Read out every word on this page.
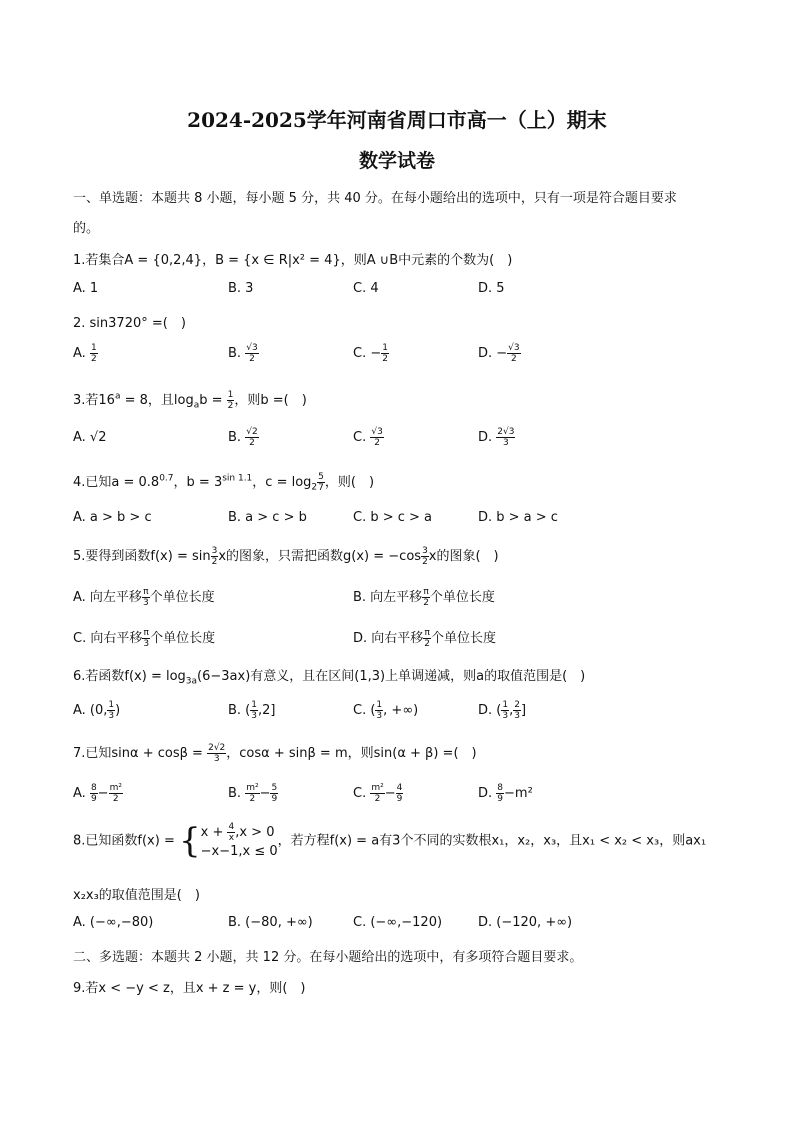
2024-2025学年河南省周口市高一（上）期末
数学试卷
一、单选题：本题共 8 小题，每小题 5 分，共 40 分。在每小题给出的选项中，只有一项是符合题目要求
的。
1.若集合A = {0,2,4}，B = {x ∈ R|x² = 4}，则A ∪B中元素的个数为(　)
A. 1	B. 3	C. 4	D. 5
2. sin3720° =(　)
A. $\frac{1}{2}$	B. $\frac{√3}{2}$	C. − $\frac{1}{2}$	D. − $\frac{√3}{2}$
3.若$16^a = 8$，且$\log_ab = \frac{1}{2}$ ，则b =(　)
A. √2	B. $\frac{√2}{2}$	C. $\frac{√3}{2}$	D. $\frac{2√3}{3}$
4.已知$a = 0.8^{0.7}$，$b = 3^{sin 1.1}$，$c = \log_2 \frac{5}{7}$ ，则(　)
A. a > b > c	B. a > c > b	C. b > c > a	D. b > a > c
5.要得到函数$f(x) = \sin \frac{3}{2}$ x的图象，只需把函数$g(x) = -\cos \frac{3}{2}$ x的图象(　)
A. 向左平移 $\frac{\pi}{3}$ 个单位长度	B. 向左平移 $\frac{\pi}{2}$ 个单位长度
C. 向右平移 $\frac{\pi}{3}$ 个单位长度	D. 向右平移 $\frac{\pi}{2}$ 个单位长度
6.若函数$f(x) = \log_{3a}(6-3ax)$有意义，且在区间(1,3)上单调递减，则a的取值范围是(　)
A. (0, $\frac{1}{3}$ )	B. ( $\frac{1}{3} ,2$]	C. ( $\frac{1}{3}$ , +∞)	D. ( $\frac{1}{3}$ , $\frac{2}{3}$ ]
7.已知$\sin\alpha + \cos\beta = \frac{2√2}{3}$ ，cosα + sinβ = m，则sin(α + β) =(　)
A. $\frac{8}{9} - \frac{\text{m²}}{2}$	B. $\frac{\text{m²}}{2} - \frac{5}{9}$	C. $\frac{\text{m²}}{2} - \frac{4}{9}$	D. $\frac{8}{9} -m^2$
8.已知函数f(x) = { $x + \frac{4}{x} ,x > 0$
−x−1,x ≤ 0
，若方程f(x) = a有3个不同的实数根x₁，x₂，x₃，且x₁ < x₂ < x₃，则ax₁
x₂x₃的取值范围是(　)
A. (−∞,−80)	B. (−80, +∞)	C. (−∞,−120)	D. (−120, +∞)
二、多选题：本题共 2 小题，共 12 分。在每小题给出的选项中，有多项符合题目要求。
9.若x < −y < z，且x + z = y，则(　)
